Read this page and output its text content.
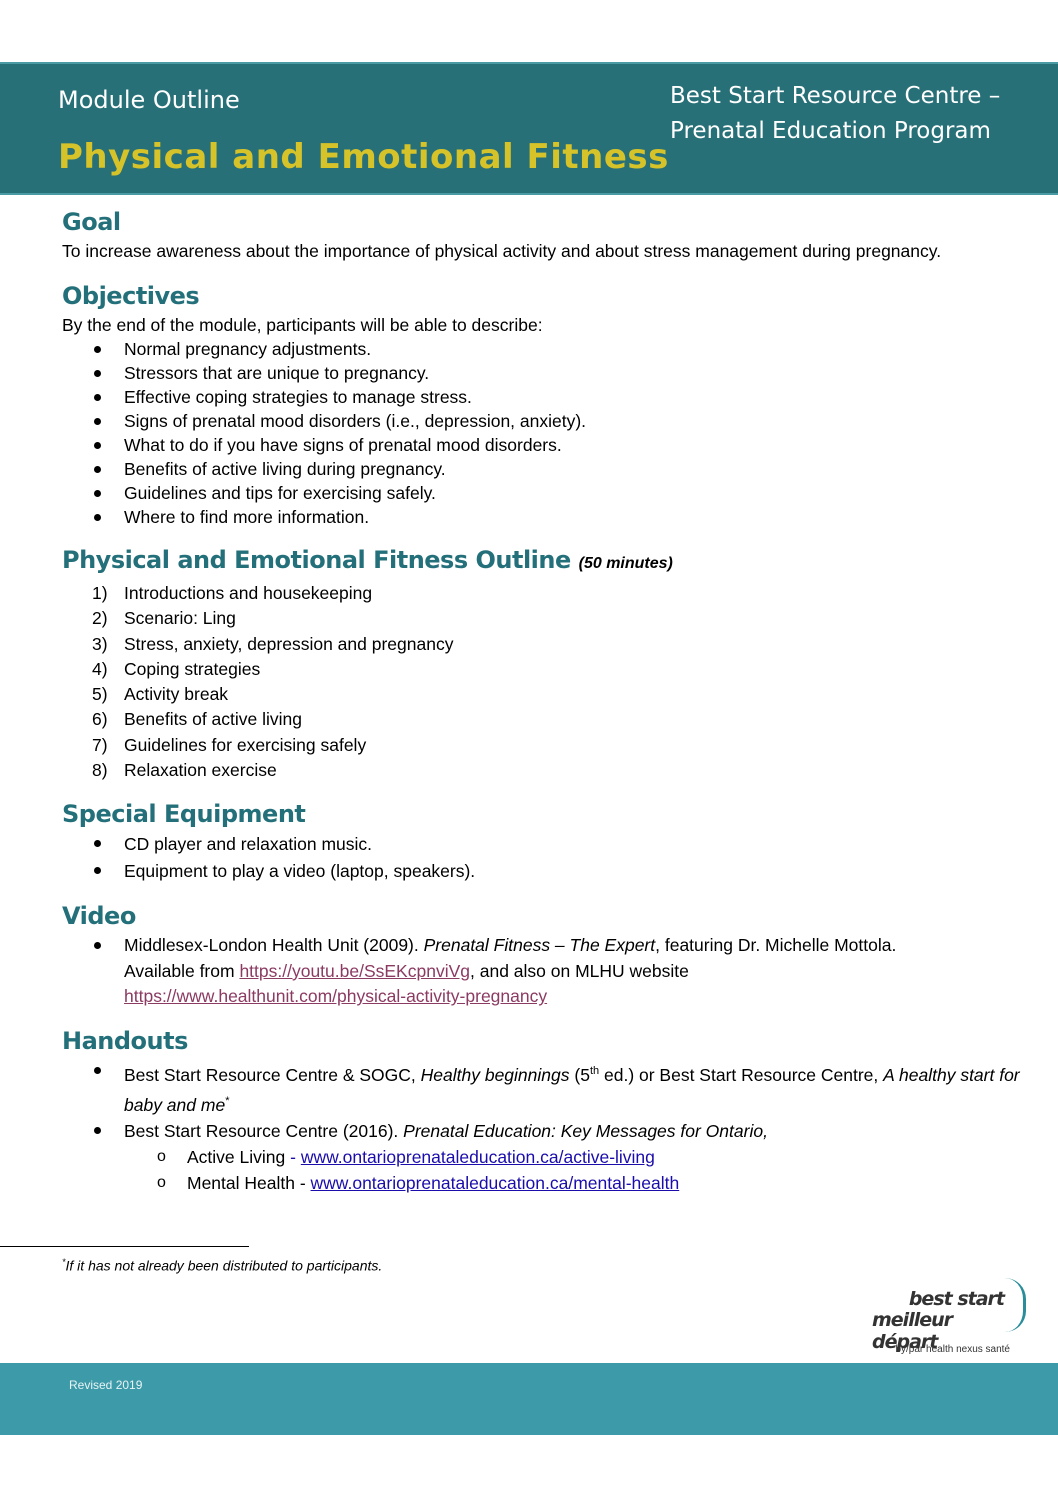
Module Outline
Physical and Emotional Fitness
Best Start Resource Centre –
Prenatal Education Program
Goal

To increase awareness about the importance of physical activity and about stress management during pregnancy.

Objectives

By the end of the module, participants will be able to describe:

Normal pregnancy adjustments.
Stressors that are unique to pregnancy.
Effective coping strategies to manage stress.
Signs of prenatal mood disorders (i.e., depression, anxiety).
What to do if you have signs of prenatal mood disorders.
Benefits of active living during pregnancy.
Guidelines and tips for exercising safely.
Where to find more information.
Physical and Emotional Fitness Outline (50 minutes)
1) Introductions and housekeeping
2) Scenario: Ling
3) Stress, anxiety, depression and pregnancy
4) Coping strategies
5) Activity break
6) Benefits of active living
7) Guidelines for exercising safely
8) Relaxation exercise
Special Equipment
CD player and relaxation music.
Equipment to play a video (laptop, speakers).
Video
Middlesex-London Health Unit (2009). Prenatal Fitness – The Expert, featuring Dr. Michelle Mottola.
Available from https://youtu.be/SsEKcpnviVg, and also on MLHU website
https://www.healthunit.com/physical-activity-pregnancy
Handouts
Best Start Resource Centre & SOGC, Healthy beginnings (5th ed.) or Best Start Resource Centre, A healthy start for baby and me*
Best Start Resource Centre (2016). Prenatal Education: Key Messages for Ontario,
o Active Living - www.ontarioprenataleducation.ca/active-living
o Mental Health - www.ontarioprenataleducation.ca/mental-health
*If it has not already been distributed to participants.
best start
meilleur départ
by/par health nexus santé
Revised 2019
